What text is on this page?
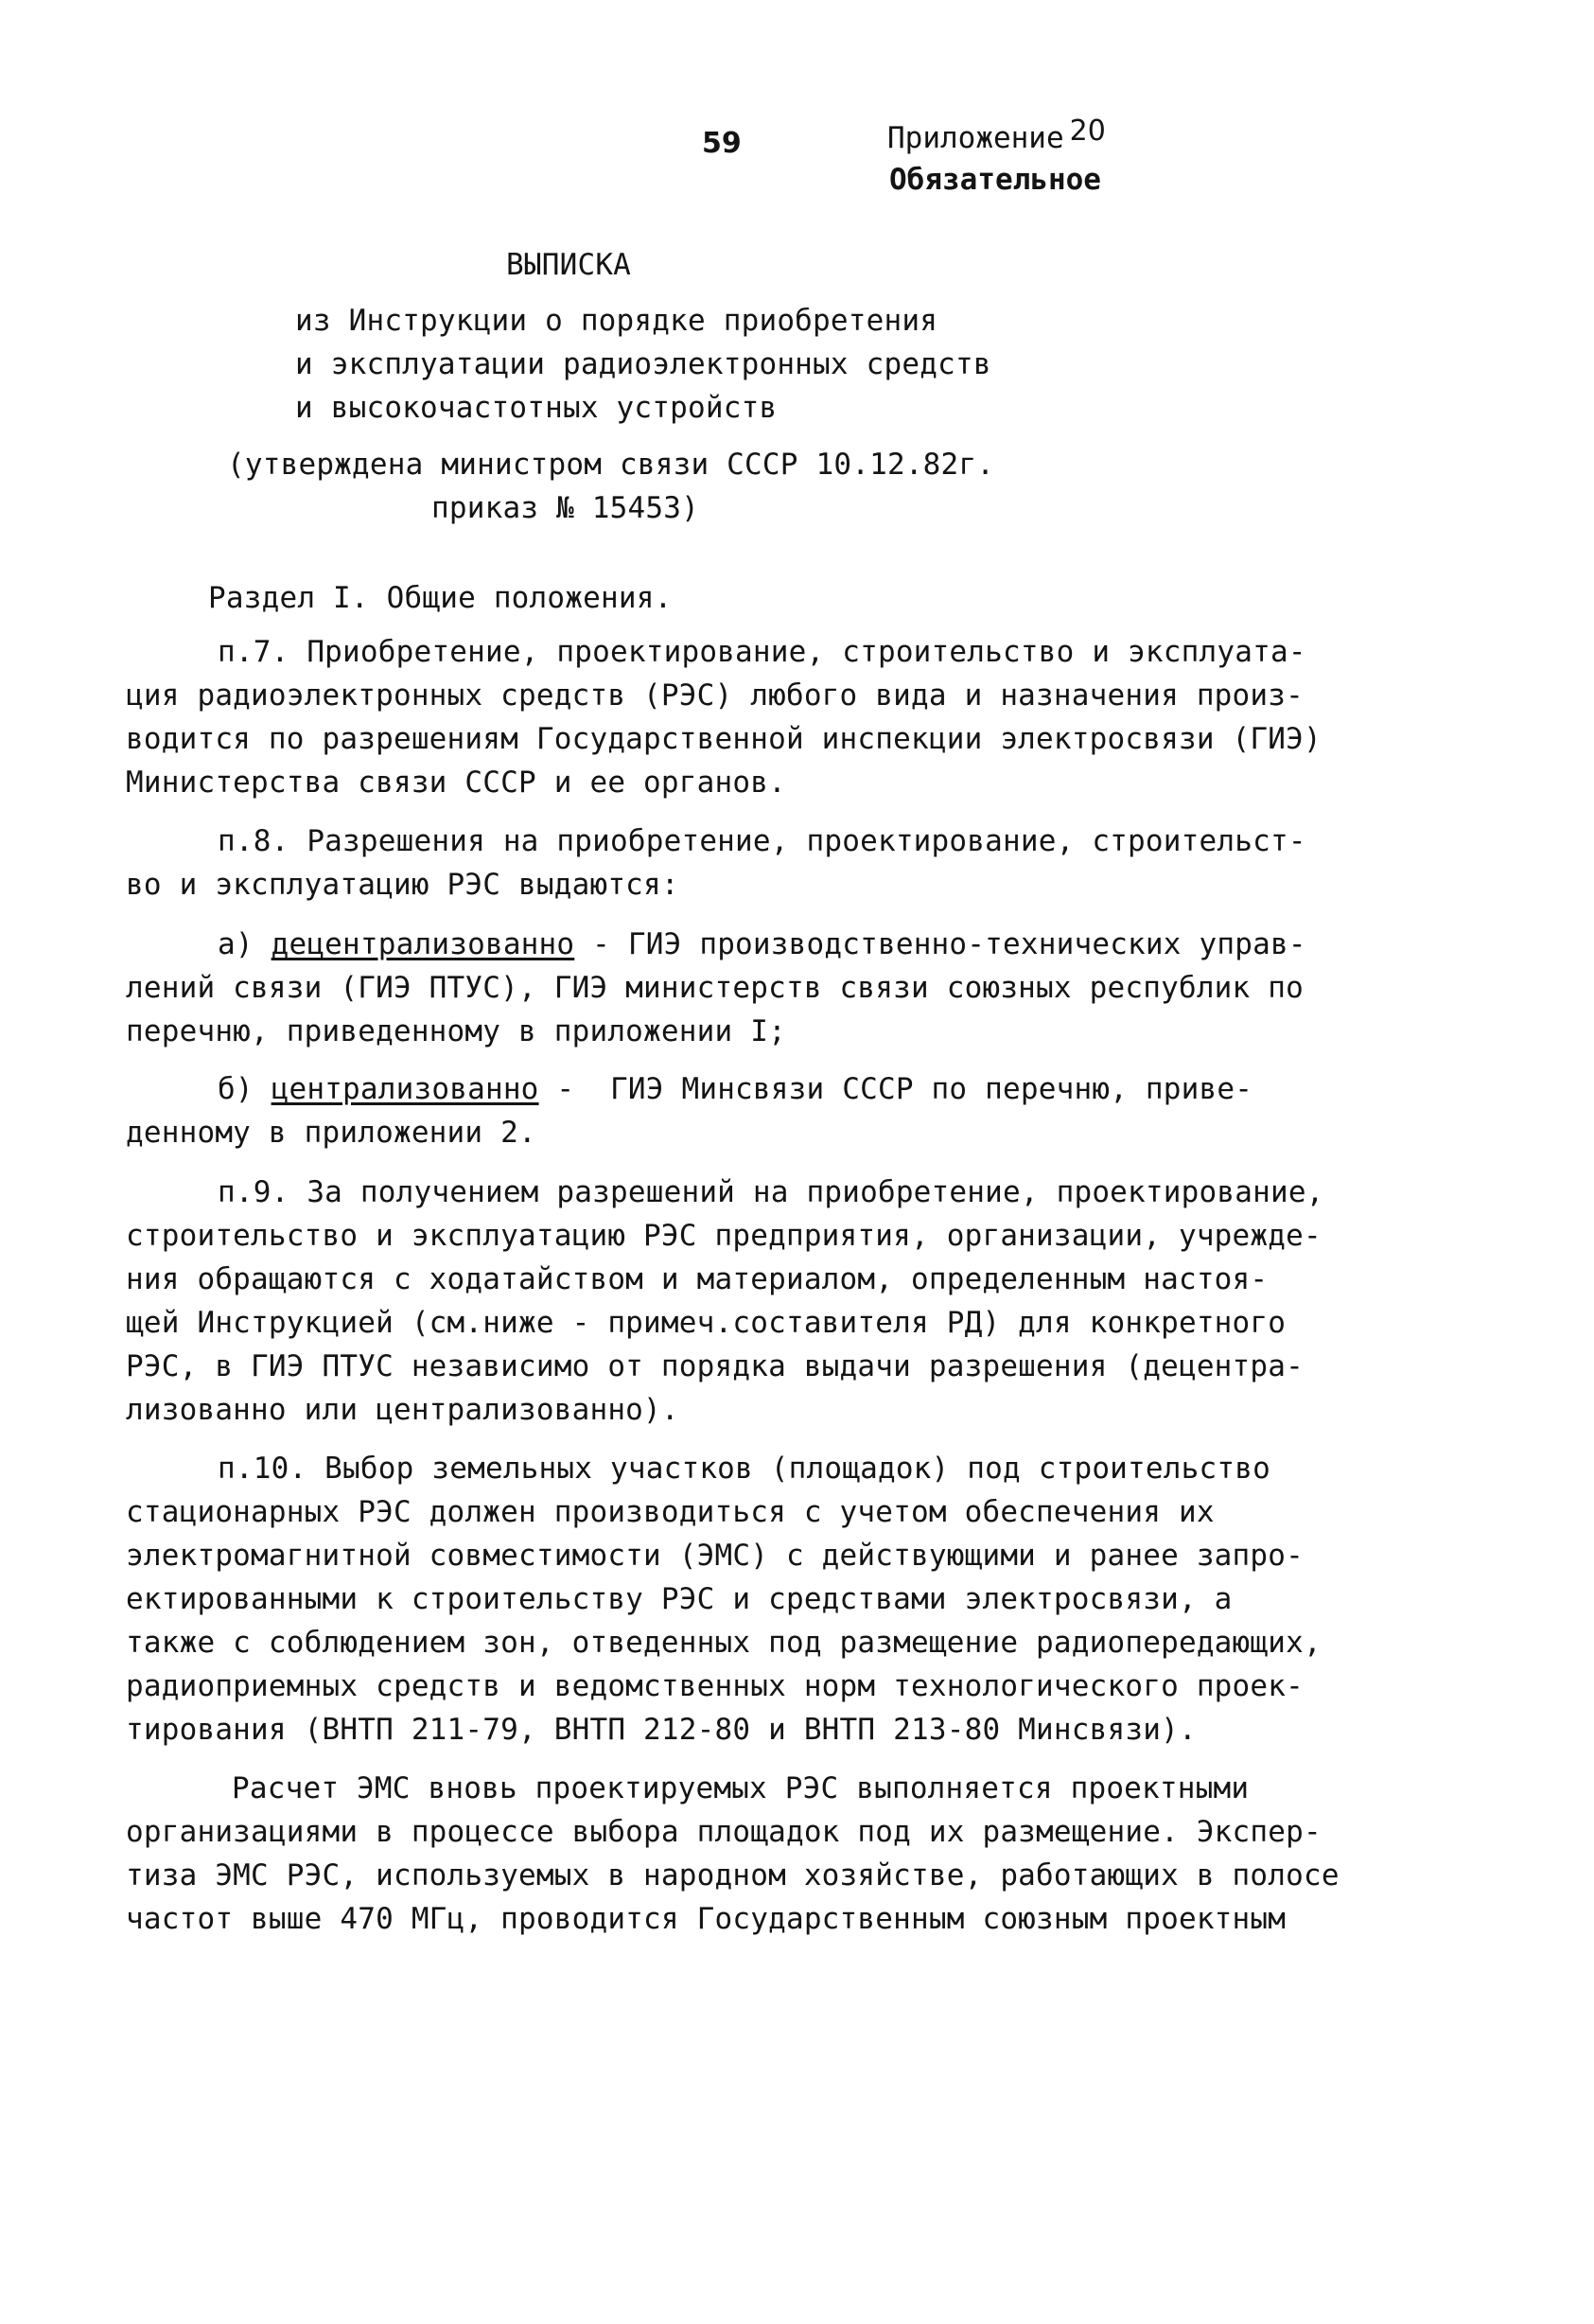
59	Приложение 20
Обязательное
ВЫПИСКА
из Инструкции о порядке приобретения
и эксплуатации радиоэлектронных средств
и высокочастотных устройств
(утверждена министром связи СССР 10.12.82г.
приказ № 15453)
Раздел I. Общие положения.
п.7. Приобретение, проектирование, строительство и эксплуата-
ция радиоэлектронных средств (РЭС) любого вида и назначения произ-
водится по разрешениям Государственной инспекции электросвязи (ГИЭ)
Министерства связи СССР и ее органов.
п.8. Разрешения на приобретение, проектирование, строительст-
во и эксплуатацию РЭС выдаются:
а) децентрализованно - ГИЭ производственно-технических управ-
лений связи (ГИЭ ПТУС), ГИЭ министерств связи союзных республик по
перечню, приведенному в приложении I;
б) централизованно -  ГИЭ Минсвязи СССР по перечню, приве-
денному в приложении 2.
п.9. За получением разрешений на приобретение, проектирование,
строительство и эксплуатацию РЭС предприятия, организации, учрежде-
ния обращаются с ходатайством и материалом, определенным настоя-
щей Инструкцией (см.ниже - примеч.составителя РД) для конкретного
РЭС, в ГИЭ ПТУС независимо от порядка выдачи разрешения (децентра-
лизованно или централизованно).
п.10. Выбор земельных участков (площадок) под строительство
стационарных РЭС должен производиться с учетом обеспечения их
электромагнитной совместимости (ЭМС) с действующими и ранее запро-
ектированными к строительству РЭС и средствами электросвязи, а
также с соблюдением зон, отведенных под размещение радиопередающих,
радиоприемных средств и ведомственных норм технологического проек-
тирования (ВНТП 211-79, ВНТП 212-80 и ВНТП 213-80 Минсвязи).
Расчет ЭМС вновь проектируемых РЭС выполняется проектными
организациями в процессе выбора площадок под их размещение. Экспер-
тиза ЭМС РЭС, используемых в народном хозяйстве, работающих в полосе
частот выше 470 МГц, проводится Государственным союзным проектным
